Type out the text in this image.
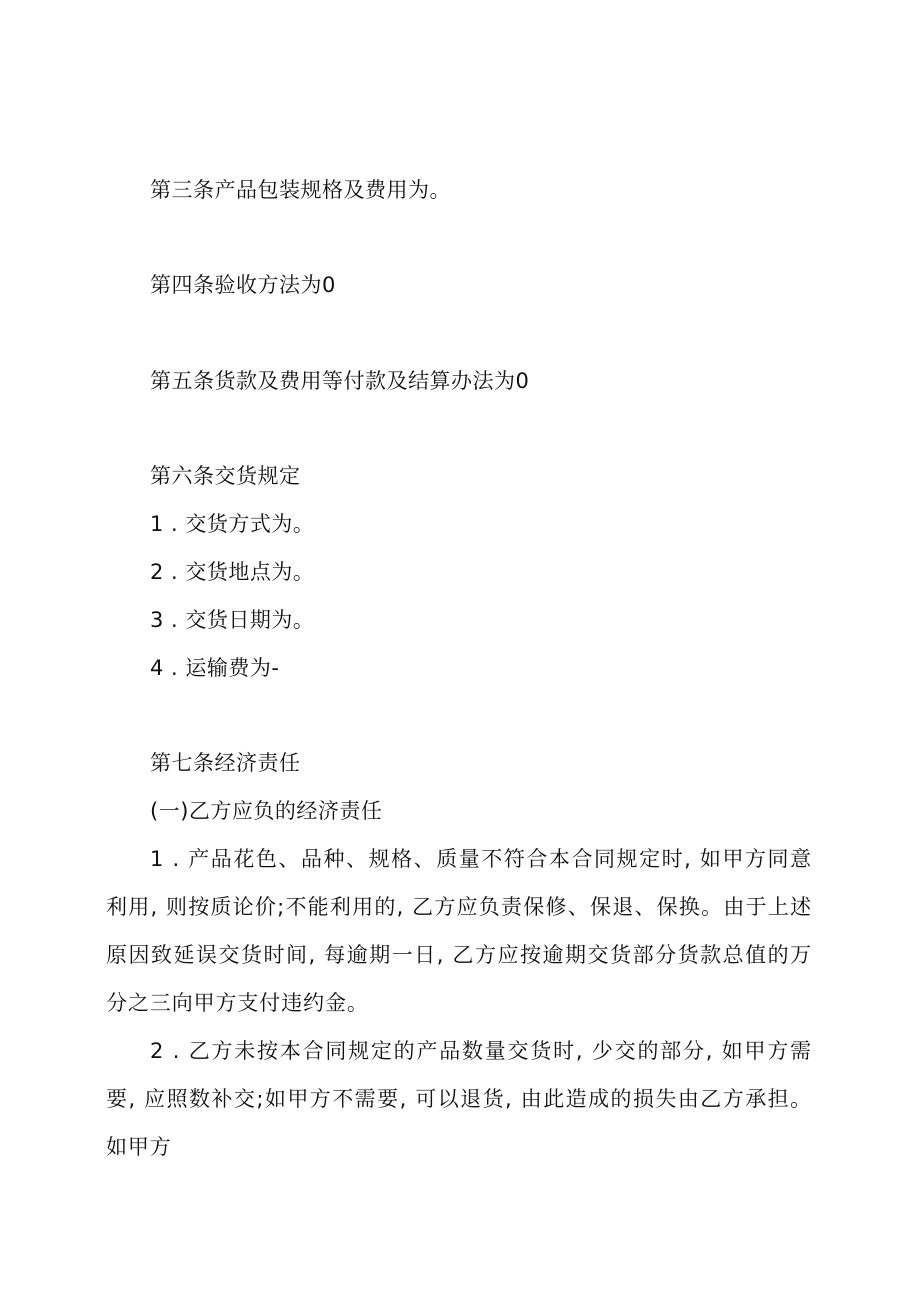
第三条产品包装规格及费用为。
第四条验收方法为0
第五条货款及费用等付款及结算办法为0
第六条交货规定
1 . 交货方式为。
2 . 交货地点为。
3 . 交货日期为。
4 . 运输费为-
第七条经济责任
(一)乙方应负的经济责任
1 . 产品花色、品种、规格、质量不符合本合同规定时, 如甲方同意利用, 则按质论价;不能利用的, 乙方应负责保修、保退、保换。由于上述原因致延误交货时间, 每逾期一日, 乙方应按逾期交货部分货款总值的万分之三向甲方支付违约金。
2 . 乙方未按本合同规定的产品数量交货时, 少交的部分, 如甲方需要, 应照数补交;如甲方不需要, 可以退货, 由此造成的损失由乙方承担。如甲方
